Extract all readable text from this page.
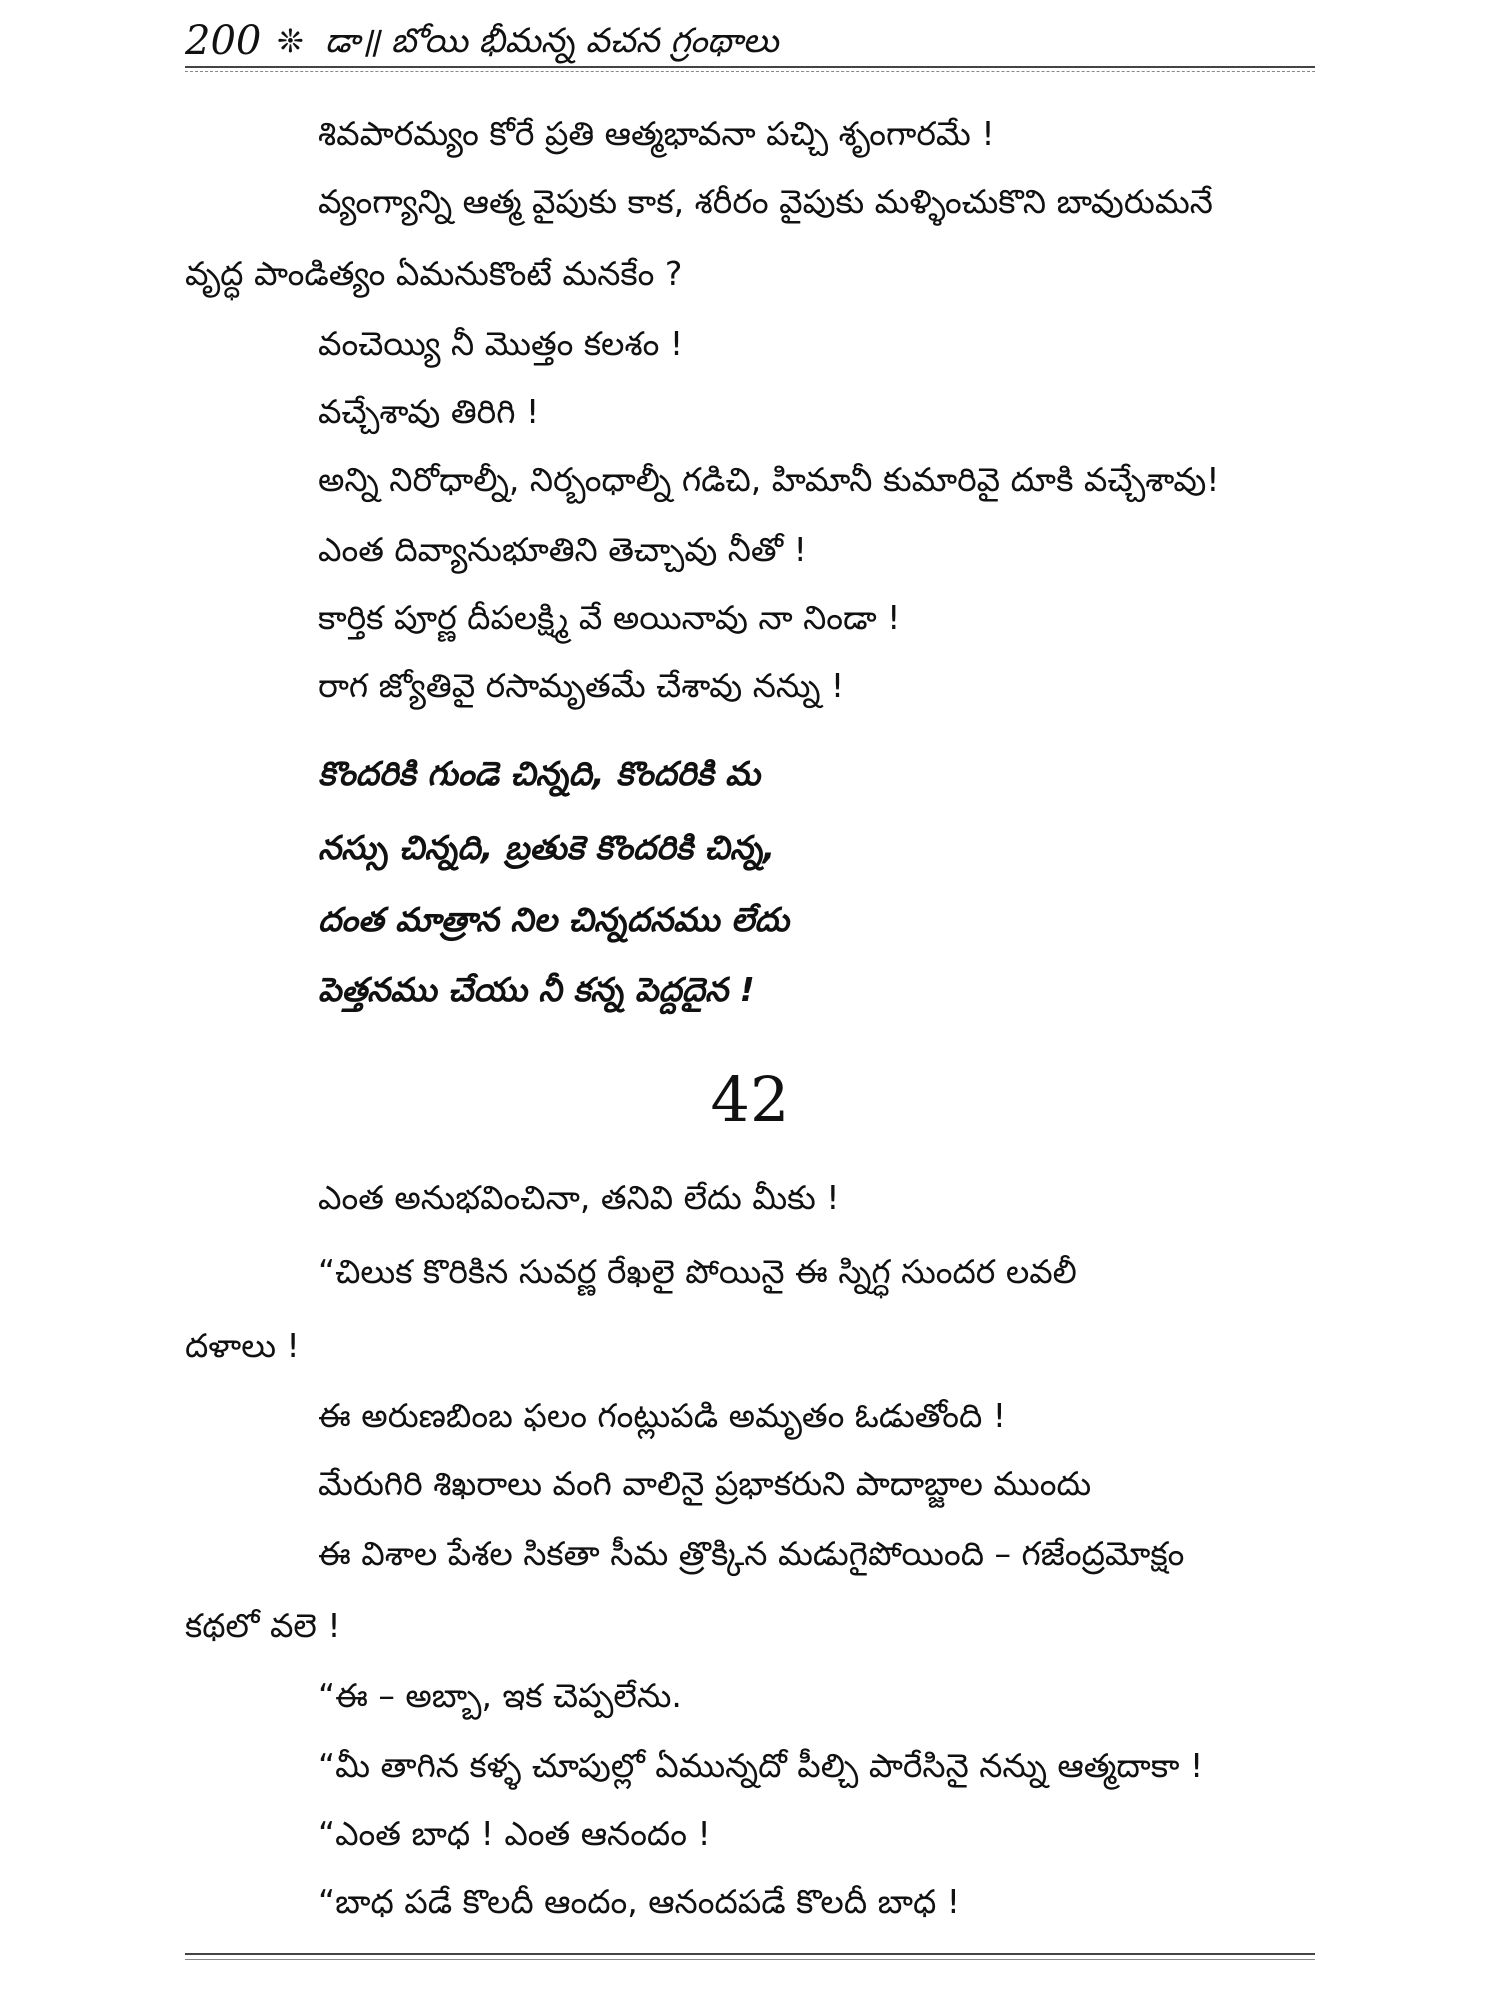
200 ❊ డా॥ బోయి భీమన్న వచన గ్రంథాలు
శివపారమ్యం కోరే ప్రతి ఆత్మభావనా పచ్చి శృంగారమే !
వ్యంగ్యాన్ని ఆత్మ వైపుకు కాక, శరీరం వైపుకు మళ్ళించుకొని బావురుమనే
వృద్ధ పాండిత్యం ఏమనుకొంటే మనకేం ?
వంచెయ్యి నీ మొత్తం కలశం !
వచ్చేశావు తిరిగి !
అన్ని నిరోధాల్నీ, నిర్బంధాల్నీ గడిచి, హిమానీ కుమారివై దూకి వచ్చేశావు!
ఎంత దివ్యానుభూతిని తెచ్చావు నీతో !
కార్తిక పూర్ణ దీపలక్ష్మి వే అయినావు నా నిండా !
రాగ జ్యోతివై రసామృతమే చేశావు నన్ను !
కొందరికి గుండె చిన్నది, కొందరికి మ
నస్సు చిన్నది, బ్రతుకె కొందరికి చిన్న,
దంత మాత్రాన నిల చిన్నదనము లేదు
పెత్తనము చేయు నీ కన్న పెద్దదైన !
42
ఎంత అనుభవించినా, తనివి లేదు మీకు !
“చిలుక కొరికిన సువర్ణ రేఖలై పోయినై ఈ స్నిగ్ధ సుందర లవలీ
దళాలు !
ఈ అరుణబింబ ఫలం గంట్లుపడి అమృతం ఓడుతోంది !
మేరుగిరి శిఖరాలు వంగి వాలినై ప్రభాకరుని పాదాబ్జాల ముందు
ఈ విశాల పేశల సికతా సీమ త్రొక్కిన మడుగైపోయింది – గజేంద్రమోక్షం
కథలో వలె !
“ఈ – అబ్బా, ఇక చెప్పలేను.
“మీ తాగిన కళ్ళ చూపుల్లో ఏమున్నదో పీల్చి పారేసినై నన్ను ఆత్మదాకా !
“ఎంత బాధ ! ఎంత ఆనందం !
“బాధ పడే కొలదీ ఆందం, ఆనందపడే కొలదీ బాధ !
